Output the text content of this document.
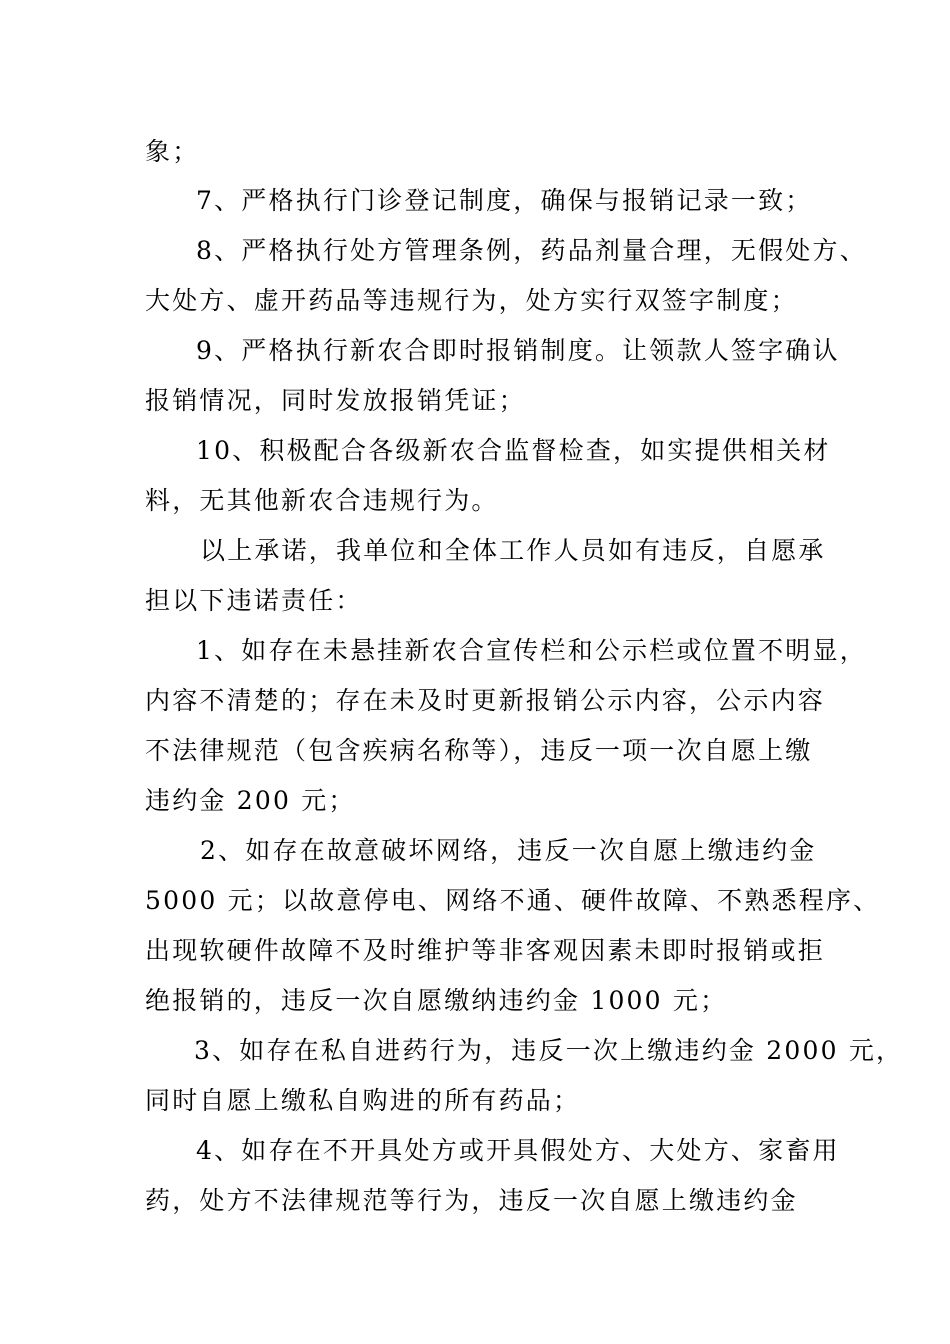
象；
7、严格执行门诊登记制度，确保与报销记录一致；
8、严格执行处方管理条例，药品剂量合理，无假处方、
大处方、虚开药品等违规行为，处方实行双签字制度；
9、严格执行新农合即时报销制度。让领款人签字确认
报销情况，同时发放报销凭证；
10、积极配合各级新农合监督检查，如实提供相关材
料，无其他新农合违规行为。
以上承诺，我单位和全体工作人员如有违反，自愿承
担以下违诺责任：
1、如存在未悬挂新农合宣传栏和公示栏或位置不明显，
内容不清楚的；存在未及时更新报销公示内容，公示内容
不法律规范（包含疾病名称等），违反一项一次自愿上缴
违约金 200 元；
2、如存在故意破坏网络，违反一次自愿上缴违约金
5000 元；以故意停电、网络不通、硬件故障、不熟悉程序、
出现软硬件故障不及时维护等非客观因素未即时报销或拒
绝报销的，违反一次自愿缴纳违约金 1000 元；
3、如存在私自进药行为，违反一次上缴违约金 2000 元，
同时自愿上缴私自购进的所有药品；
4、如存在不开具处方或开具假处方、大处方、家畜用
药，处方不法律规范等行为，违反一次自愿上缴违约金
